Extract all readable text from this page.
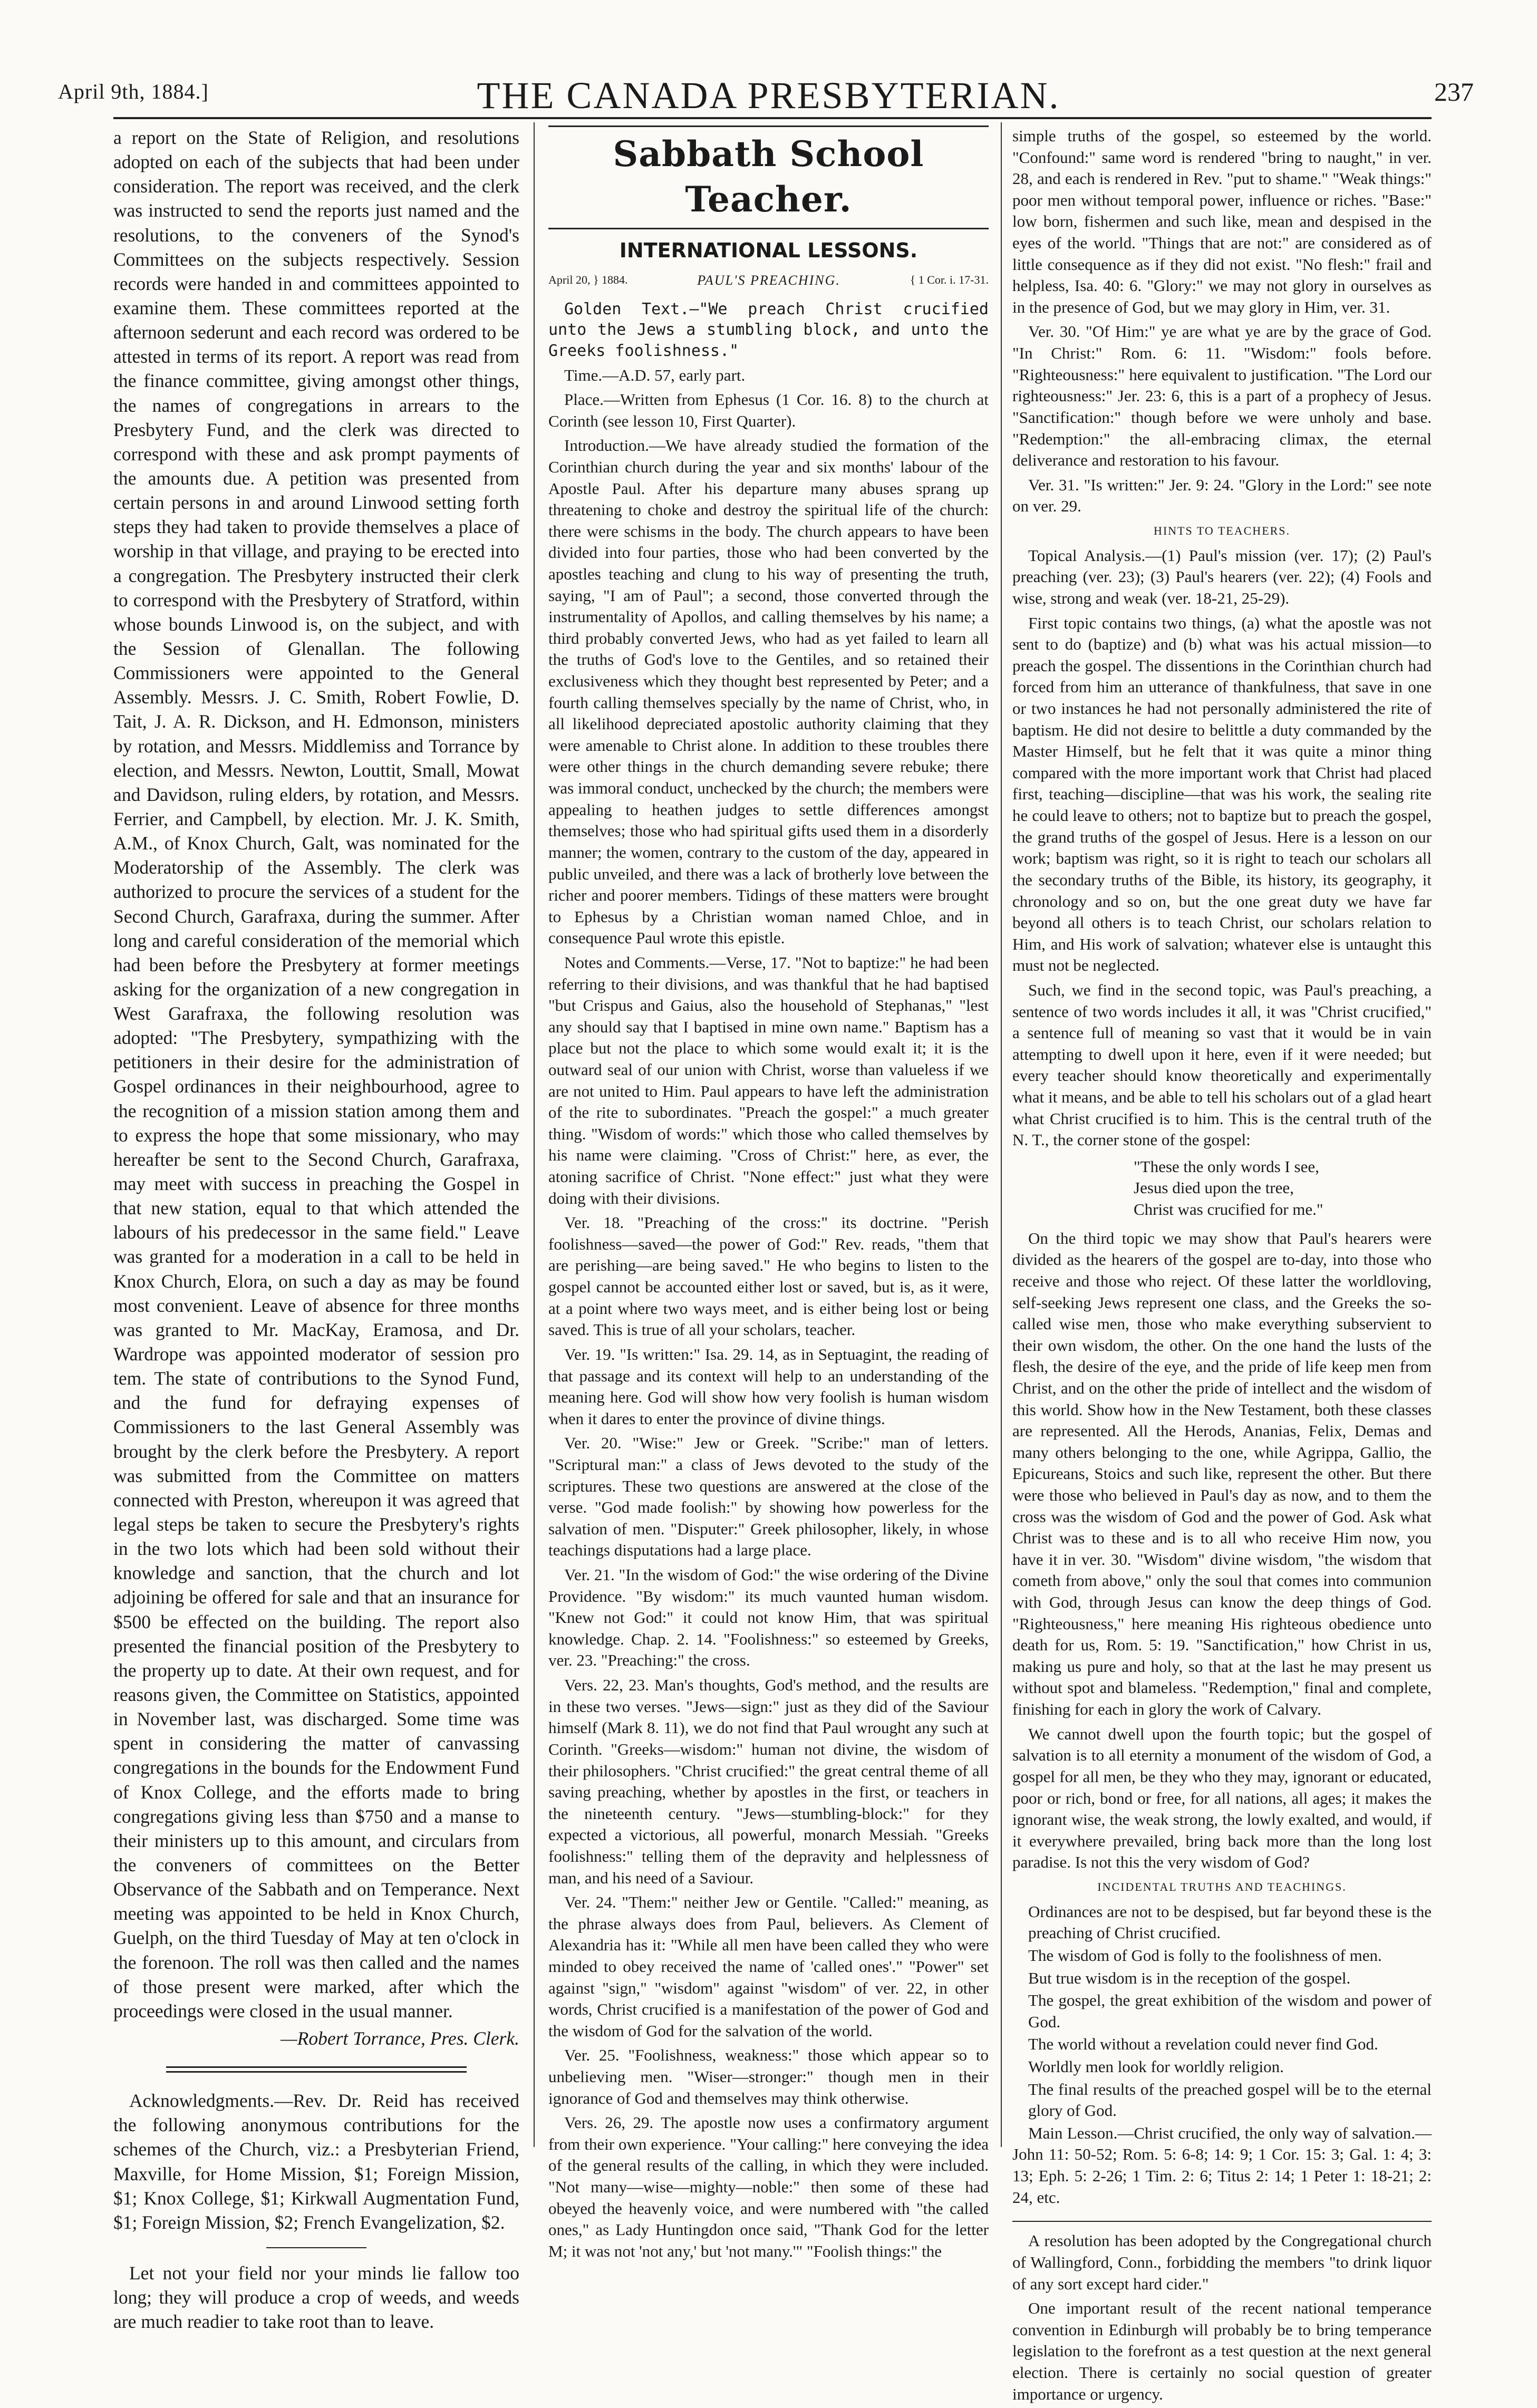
April 9th, 1884.]	THE CANADA PRESBYTERIAN.	237

a report on the State of Religion, and resolutions adopted on each of the subjects that had been under consideration. The report was received, and the clerk was instructed to send the reports just named and the resolutions, to the conveners of the Synod's Committees on the subjects respectively. Session records were handed in and committees appointed to examine them. These committees reported at the afternoon sederunt and each record was ordered to be attested in terms of its report. A report was read from the finance committee, giving amongst other things, the names of congregations in arrears to the Presbytery Fund, and the clerk was directed to correspond with these and ask prompt payments of the amounts due. A petition was presented from certain persons in and around Linwood setting forth steps they had taken to provide themselves a place of worship in that village, and praying to be erected into a congregation. The Presbytery instructed their clerk to correspond with the Presbytery of Stratford, within whose bounds Linwood is, on the subject, and with the Session of Glenallan. The following Commissioners were appointed to the General Assembly. Messrs. J. C. Smith, Robert Fowlie, D. Tait, J. A. R. Dickson, and H. Edmonson, ministers by rotation, and Messrs. Middlemiss and Torrance by election, and Messrs. Newton, Louttit, Small, Mowat and Davidson, ruling elders, by rotation, and Messrs. Ferrier, and Campbell, by election. Mr. J. K. Smith, A.M., of Knox Church, Galt, was nominated for the Moderatorship of the Assembly. The clerk was authorized to procure the services of a student for the Second Church, Garafraxa, during the summer. After long and careful consideration of the memorial which had been before the Presbytery at former meetings asking for the organization of a new congregation in West Garafraxa, the following resolution was adopted: "The Presbytery, sympathizing with the petitioners in their desire for the administration of Gospel ordinances in their neighbourhood, agree to the recognition of a mission station among them and to express the hope that some missionary, who may hereafter be sent to the Second Church, Garafraxa, may meet with success in preaching the Gospel in that new station, equal to that which attended the labours of his predecessor in the same field." Leave was granted for a moderation in a call to be held in Knox Church, Elora, on such a day as may be found most convenient. Leave of absence for three months was granted to Mr. MacKay, Eramosa, and Dr. Wardrope was appointed moderator of session pro tem. The state of contributions to the Synod Fund, and the fund for defraying expenses of Commissioners to the last General Assembly was brought by the clerk before the Presbytery. A report was submitted from the Committee on matters connected with Preston, whereupon it was agreed that legal steps be taken to secure the Presbytery's rights in the two lots which had been sold without their knowledge and sanction, that the church and lot adjoining be offered for sale and that an insurance for $500 be effected on the building. The report also presented the financial position of the Presbytery to the property up to date. At their own request, and for reasons given, the Committee on Statistics, appointed in November last, was discharged. Some time was spent in considering the matter of canvassing congregations in the bounds for the Endowment Fund of Knox College, and the efforts made to bring congregations giving less than $750 and a manse to their ministers up to this amount, and circulars from the conveners of committees on the Better Observance of the Sabbath and on Temperance. Next meeting was appointed to be held in Knox Church, Guelph, on the third Tuesday of May at ten o'clock in the forenoon. The roll was then called and the names of those present were marked, after which the proceedings were closed in the usual manner.

—Robert Torrance, Pres. Clerk.

Acknowledgments.—Rev. Dr. Reid has received the following anonymous contributions for the schemes of the Church, viz.: a Presbyterian Friend, Maxville, for Home Mission, $1; Foreign Mission, $1; Knox College, $1; Kirkwall Augmentation Fund, $1; Foreign Mission, $2; French Evangelization, $2.

Let not your field nor your minds lie fallow too long; they will produce a crop of weeds, and weeds are much readier to take root than to leave.

Sabbath School Teacher.
INTERNATIONAL LESSONS.
April 20, } 1884.	PAUL'S PREACHING.	{ 1 Cor. i. 17-31.

Golden Text.—"We preach Christ crucified unto the Jews a stumbling block, and unto the Greeks foolishness."

Time.—A.D. 57, early part.

Place.—Written from Ephesus (1 Cor. 16. 8) to the church at Corinth (see lesson 10, First Quarter).

Introduction.—We have already studied the formation of the Corinthian church during the year and six months' labour of the Apostle Paul. After his departure many abuses sprang up threatening to choke and destroy the spiritual life of the church: there were schisms in the body. The church appears to have been divided into four parties, those who had been converted by the apostles teaching and clung to his way of presenting the truth, saying, "I am of Paul"; a second, those converted through the instrumentality of Apollos, and calling themselves by his name; a third probably converted Jews, who had as yet failed to learn all the truths of God's love to the Gentiles, and so retained their exclusiveness which they thought best represented by Peter; and a fourth calling themselves specially by the name of Christ, who, in all likelihood depreciated apostolic authority claiming that they were amenable to Christ alone. In addition to these troubles there were other things in the church demanding severe rebuke; there was immoral conduct, unchecked by the church; the members were appealing to heathen judges to settle differences amongst themselves; those who had spiritual gifts used them in a disorderly manner; the women, contrary to the custom of the day, appeared in public unveiled, and there was a lack of brotherly love between the richer and poorer members. Tidings of these matters were brought to Ephesus by a Christian woman named Chloe, and in consequence Paul wrote this epistle.

Notes and Comments.—Verse, 17. "Not to baptize:" he had been referring to their divisions, and was thankful that he had baptised "but Crispus and Gaius, also the household of Stephanas," "lest any should say that I baptised in mine own name." Baptism has a place but not the place to which some would exalt it; it is the outward seal of our union with Christ, worse than valueless if we are not united to Him. Paul appears to have left the administration of the rite to subordinates. "Preach the gospel:" a much greater thing. "Wisdom of words:" which those who called themselves by his name were claiming. "Cross of Christ:" here, as ever, the atoning sacrifice of Christ. "None effect:" just what they were doing with their divisions.

Ver. 18. "Preaching of the cross:" its doctrine. "Perish foolishness—saved—the power of God:" Rev. reads, "them that are perishing—are being saved." He who begins to listen to the gospel cannot be accounted either lost or saved, but is, as it were, at a point where two ways meet, and is either being lost or being saved. This is true of all your scholars, teacher.

Ver. 19. "Is written:" Isa. 29. 14, as in Septuagint, the reading of that passage and its context will help to an understanding of the meaning here. God will show how very foolish is human wisdom when it dares to enter the province of divine things.

Ver. 20. "Wise:" Jew or Greek. "Scribe:" man of letters. "Scriptural man:" a class of Jews devoted to the study of the scriptures. These two questions are answered at the close of the verse. "God made foolish:" by showing how powerless for the salvation of men. "Disputer:" Greek philosopher, likely, in whose teachings disputations had a large place.

Ver. 21. "In the wisdom of God:" the wise ordering of the Divine Providence. "By wisdom:" its much vaunted human wisdom. "Knew not God:" it could not know Him, that was spiritual knowledge. Chap. 2. 14. "Foolishness:" so esteemed by Greeks, ver. 23. "Preaching:" the cross.

Vers. 22, 23. Man's thoughts, God's method, and the results are in these two verses. "Jews—sign:" just as they did of the Saviour himself (Mark 8. 11), we do not find that Paul wrought any such at Corinth. "Greeks—wisdom:" human not divine, the wisdom of their philosophers. "Christ crucified:" the great central theme of all saving preaching, whether by apostles in the first, or teachers in the nineteenth century. "Jews—stumbling-block:" for they expected a victorious, all powerful, monarch Messiah. "Greeks foolishness:" telling them of the depravity and helplessness of man, and his need of a Saviour.

Ver. 24. "Them:" neither Jew or Gentile. "Called:" meaning, as the phrase always does from Paul, believers. As Clement of Alexandria has it: "While all men have been called they who were minded to obey received the name of 'called ones'." "Power" set against "sign," "wisdom" against "wisdom" of ver. 22, in other words, Christ crucified is a manifestation of the power of God and the wisdom of God for the salvation of the world.

Ver. 25. "Foolishness, weakness:" those which appear so to unbelieving men. "Wiser—stronger:" though men in their ignorance of God and themselves may think otherwise.

Vers. 26, 29. The apostle now uses a confirmatory argument from their own experience. "Your calling:" here conveying the idea of the general results of the calling, in which they were included. "Not many—wise—mighty—noble:" then some of these had obeyed the heavenly voice, and were numbered with "the called ones," as Lady Huntingdon once said, "Thank God for the letter M; it was not 'not any,' but 'not many.'" "Foolish things:" the

simple truths of the gospel, so esteemed by the world. "Confound:" same word is rendered "bring to naught," in ver. 28, and each is rendered in Rev. "put to shame." "Weak things:" poor men without temporal power, influence or riches. "Base:" low born, fishermen and such like, mean and despised in the eyes of the world. "Things that are not:" are considered as of little consequence as if they did not exist. "No flesh:" frail and helpless, Isa. 40: 6. "Glory:" we may not glory in ourselves as in the presence of God, but we may glory in Him, ver. 31.

Ver. 30. "Of Him:" ye are what ye are by the grace of God. "In Christ:" Rom. 6: 11. "Wisdom:" fools before. "Righteousness:" here equivalent to justification. "The Lord our righteousness:" Jer. 23: 6, this is a part of a prophecy of Jesus. "Sanctification:" though before we were unholy and base. "Redemption:" the all-embracing climax, the eternal deliverance and restoration to his favour.

Ver. 31. "Is written:" Jer. 9: 24. "Glory in the Lord:" see note on ver. 29.

HINTS TO TEACHERS.

Topical Analysis.—(1) Paul's mission (ver. 17); (2) Paul's preaching (ver. 23); (3) Paul's hearers (ver. 22); (4) Fools and wise, strong and weak (ver. 18-21, 25-29).

First topic contains two things, (a) what the apostle was not sent to do (baptize) and (b) what was his actual mission—to preach the gospel. The dissentions in the Corinthian church had forced from him an utterance of thankfulness, that save in one or two instances he had not personally administered the rite of baptism. He did not desire to belittle a duty commanded by the Master Himself, but he felt that it was quite a minor thing compared with the more important work that Christ had placed first, teaching—discipline—that was his work, the sealing rite he could leave to others; not to baptize but to preach the gospel, the grand truths of the gospel of Jesus. Here is a lesson on our work; baptism was right, so it is right to teach our scholars all the secondary truths of the Bible, its history, its geography, it chronology and so on, but the one great duty we have far beyond all others is to teach Christ, our scholars relation to Him, and His work of salvation; whatever else is untaught this must not be neglected.

Such, we find in the second topic, was Paul's preaching, a sentence of two words includes it all, it was "Christ crucified," a sentence full of meaning so vast that it would be in vain attempting to dwell upon it here, even if it were needed; but every teacher should know theoretically and experimentally what it means, and be able to tell his scholars out of a glad heart what Christ crucified is to him. This is the central truth of the N. T., the corner stone of the gospel:

"These the only words I see,
Jesus died upon the tree,
Christ was crucified for me."

On the third topic we may show that Paul's hearers were divided as the hearers of the gospel are to-day, into those who receive and those who reject. Of these latter the worldloving, self-seeking Jews represent one class, and the Greeks the so-called wise men, those who make everything subservient to their own wisdom, the other. On the one hand the lusts of the flesh, the desire of the eye, and the pride of life keep men from Christ, and on the other the pride of intellect and the wisdom of this world. Show how in the New Testament, both these classes are represented. All the Herods, Ananias, Felix, Demas and many others belonging to the one, while Agrippa, Gallio, the Epicureans, Stoics and such like, represent the other. But there were those who believed in Paul's day as now, and to them the cross was the wisdom of God and the power of God. Ask what Christ was to these and is to all who receive Him now, you have it in ver. 30. "Wisdom" divine wisdom, "the wisdom that cometh from above," only the soul that comes into communion with God, through Jesus can know the deep things of God. "Righteousness," here meaning His righteous obedience unto death for us, Rom. 5: 19. "Sanctification," how Christ in us, making us pure and holy, so that at the last he may present us without spot and blameless. "Redemption," final and complete, finishing for each in glory the work of Calvary.

We cannot dwell upon the fourth topic; but the gospel of salvation is to all eternity a monument of the wisdom of God, a gospel for all men, be they who they may, ignorant or educated, poor or rich, bond or free, for all nations, all ages; it makes the ignorant wise, the weak strong, the lowly exalted, and would, if it everywhere prevailed, bring back more than the long lost paradise. Is not this the very wisdom of God?

INCIDENTAL TRUTHS AND TEACHINGS.
Ordinances are not to be despised, but far beyond these is the preaching of Christ crucified.
The wisdom of God is folly to the foolishness of men.
But true wisdom is in the reception of the gospel.
The gospel, the great exhibition of the wisdom and power of God.
The world without a revelation could never find God.
Worldly men look for worldly religion.
The final results of the preached gospel will be to the eternal glory of God.

Main Lesson.—Christ crucified, the only way of salvation.—John 11: 50-52; Rom. 5: 6-8; 14: 9; 1 Cor. 15: 3; Gal. 1: 4; 3: 13; Eph. 5: 2-26; 1 Tim. 2: 6; Titus 2: 14; 1 Peter 1: 18-21; 2: 24, etc.

A resolution has been adopted by the Congregational church of Wallingford, Conn., forbidding the members "to drink liquor of any sort except hard cider."

One important result of the recent national temperance convention in Edinburgh will probably be to bring temperance legislation to the forefront as a test question at the next general election. There is certainly no social question of greater importance or urgency.
